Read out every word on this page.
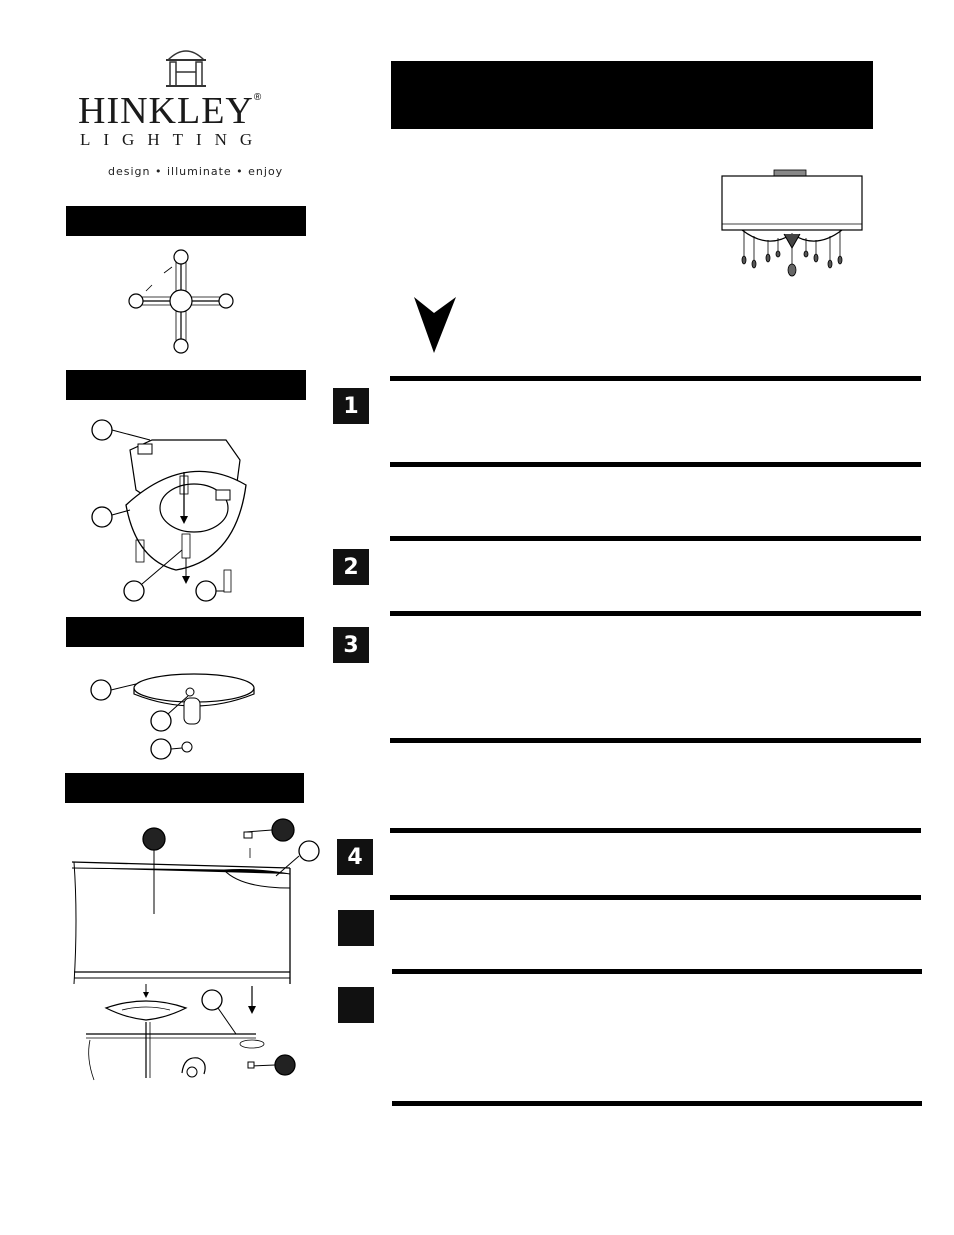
HINKLEY®
LIGHTING
design • illuminate • enjoy
1
2
3
4
